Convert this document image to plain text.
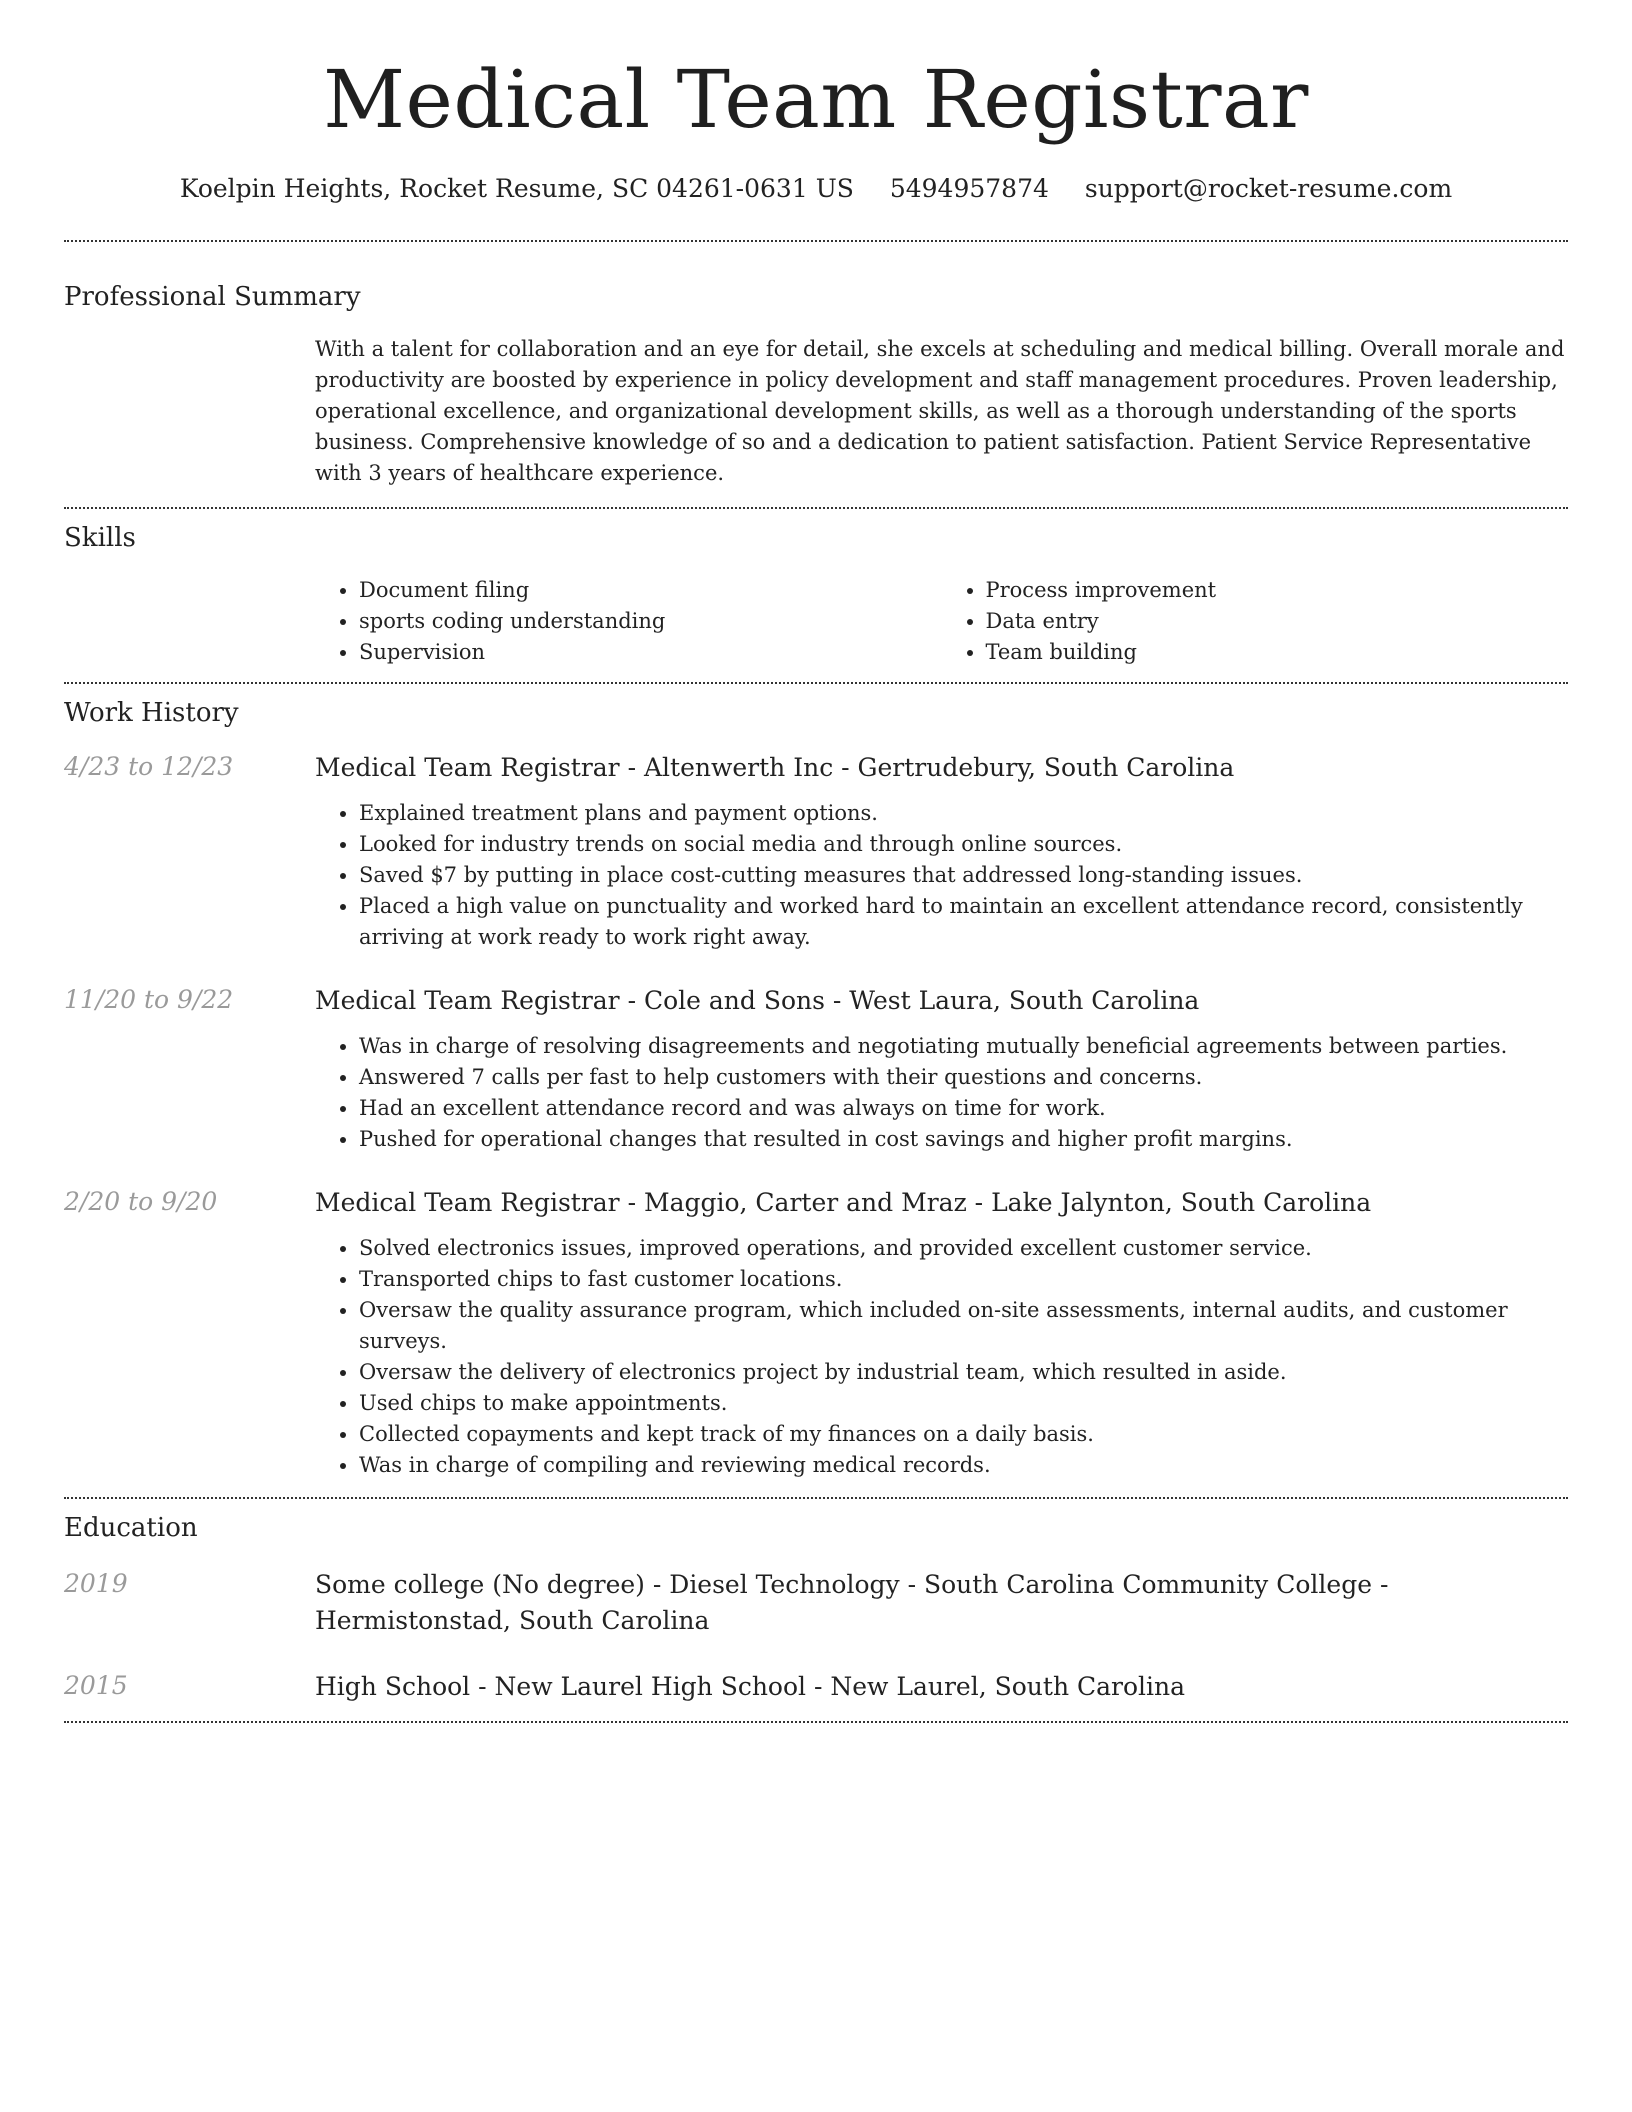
Medical Team Registrar
Koelpin Heights, Rocket Resume, SC 04261-0631 US 5494957874 support@rocket-resume.com
Professional Summary

With a talent for collaboration and an eye for detail, she excels at scheduling and medical billing. Overall morale and productivity are boosted by experience in policy development and staff management procedures. Proven leadership, operational excellence, and organizational development skills, as well as a thorough understanding of the sports business. Comprehensive knowledge of so and a dedication to patient satisfaction. Patient Service Representative with 3 years of healthcare experience.

Skills
• Document filing
• sports coding understanding
• Supervision
• Process improvement
• Data entry
• Team building
Work History
4/23 to 12/23	Medical Team Registrar - Altenwerth Inc - Gertrudebury, South Carolina
• Explained treatment plans and payment options.
• Looked for industry trends on social media and through online sources.
• Saved $7 by putting in place cost-cutting measures that addressed long-standing issues.
• Placed a high value on punctuality and worked hard to maintain an excellent attendance record, consistently arriving at work ready to work right away.
11/20 to 9/22	Medical Team Registrar - Cole and Sons - West Laura, South Carolina
• Was in charge of resolving disagreements and negotiating mutually beneficial agreements between parties.
• Answered 7 calls per fast to help customers with their questions and concerns.
• Had an excellent attendance record and was always on time for work.
• Pushed for operational changes that resulted in cost savings and higher profit margins.
2/20 to 9/20	Medical Team Registrar - Maggio, Carter and Mraz - Lake Jalynton, South Carolina
• Solved electronics issues, improved operations, and provided excellent customer service.
• Transported chips to fast customer locations.
• Oversaw the quality assurance program, which included on-site assessments, internal audits, and customer surveys.
• Oversaw the delivery of electronics project by industrial team, which resulted in aside.
• Used chips to make appointments.
• Collected copayments and kept track of my finances on a daily basis.
• Was in charge of compiling and reviewing medical records.
Education
2019	Some college (No degree) - Diesel Technology - South Carolina Community College - Hermistonstad, South Carolina
2015	High School - New Laurel High School - New Laurel, South Carolina
